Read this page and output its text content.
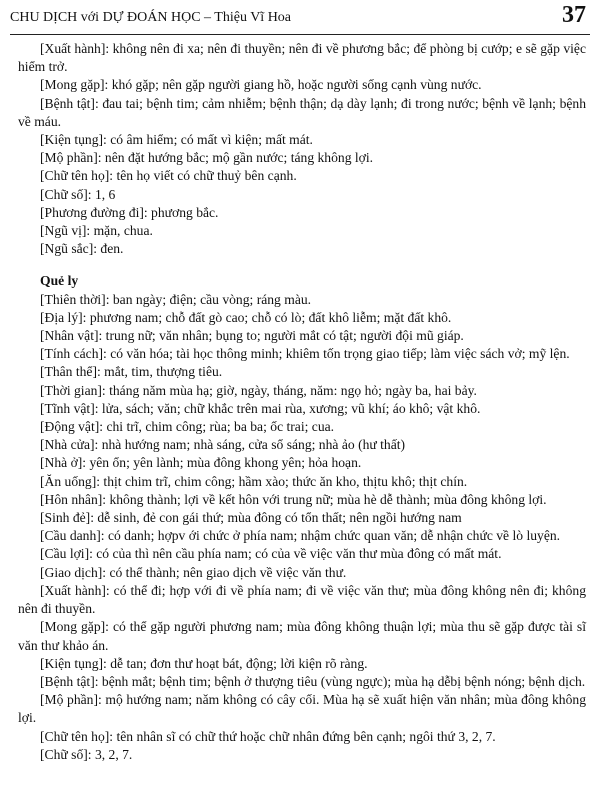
CHU DỊCH với DỰ ĐOÁN HỌC – Thiệu Vĩ Hoa	37

[Xuất hành]: không nên đi xa; nên đi thuyền; nên đi về phương bắc; để phòng bị cướp; e sẽ gặp việc hiểm trở.

[Mong gặp]: khó gặp; nên gặp người giang hồ, hoặc người sống cạnh vùng nước.

[Bệnh tật]: đau tai; bệnh tim; cảm nhiễm; bệnh thận; dạ dày lạnh; đi trong nước; bệnh về lạnh; bệnh về máu.

[Kiện tụng]: có âm hiểm; có mất vì kiện; mất mát.

[Mộ phần]: nên đặt hướng bắc; mộ gần nước; táng không lợi.

[Chữ tên họ]: tên họ viết có chữ thuỷ bên cạnh.

[Chữ số]: 1, 6

[Phương đường đi]: phương bắc.

[Ngũ vị]: mặn, chua.

[Ngũ sắc]: đen.

Quẻ ly

[Thiên thời]: ban ngày; điện; cầu vòng; ráng màu.

[Địa lý]: phương nam; chỗ đất gò cao; chỗ có lò; đất khô liễm; mặt đất khô.

[Nhân vật]: trung nữ; văn nhân; bụng to; người mắt có tật; người đội mũ giáp.

[Tính cách]: có văn hóa; tài học thông minh; khiêm tốn trọng giao tiếp; làm việc sách vở; mỹ lện.

[Thân thể]: mắt, tim, thượng tiêu.

[Thời gian]: tháng năm mùa hạ; giờ, ngày, tháng, năm: ngọ hỏ; ngày ba, hai bảy.

[Tĩnh vật]: lửa, sách; văn; chữ khắc trên mai rùa, xương; vũ khí; áo khô; vật khô.

[Động vật]: chi trĩ, chim công; rùa; ba ba; ốc trai; cua.

[Nhà cửa]: nhà hướng nam; nhà sáng, cửa sổ sáng; nhà ảo (hư thất)

[Nhà ở]: yên ổn; yên lành; mùa đông khong yên; hỏa hoạn.

[Ăn uống]: thịt chim trĩ, chim công; hầm xào; thức ăn kho, thịtu khô; thịt chín.

[Hôn nhân]: không thành; lợi về kết hôn với trung nữ; mùa hè dễ thành; mùa đông không lợi.

[Sinh đẻ]: dễ sinh, đẻ con gái thứ; mùa đông có tổn thất; nên ngồi hướng nam

[Cầu danh]: có danh; hợpv ới chức ở phía nam; nhậm chức quan văn; dễ nhận chức về lò luyện.

[Cầu lợi]: có của thì nên cầu phía nam; có của về việc văn thư mùa đông có mất mát.

[Giao dịch]: có thể thành; nên giao dịch về việc văn thư.

[Xuất hành]: có thể đi; hợp với đi về phía nam; đi về việc văn thư; mùa đông không nên đi; không nên đi thuyền.

[Mong gặp]: có thể gặp người phương nam; mùa đông không thuận lợi; mùa thu sẽ gặp được tài sĩ văn thư khảo án.

[Kiện tụng]: dễ tan; đơn thư hoạt bát, động; lời kiện rõ ràng.

[Bệnh tật]: bệnh mắt; bệnh tim; bệnh ở thượng tiêu (vùng ngực); mùa hạ dễbị bệnh nóng; bệnh dịch.

[Mộ phần]: mộ hướng nam; nǎm không có cây cối. Mùa hạ sẽ xuất hiện văn nhân; mùa đông không lợi.

[Chữ tên họ]: tên nhân sĩ có chữ thứ hoặc chữ nhân đứng bên cạnh; ngôi thứ 3, 2, 7.

[Chữ số]: 3, 2, 7.
